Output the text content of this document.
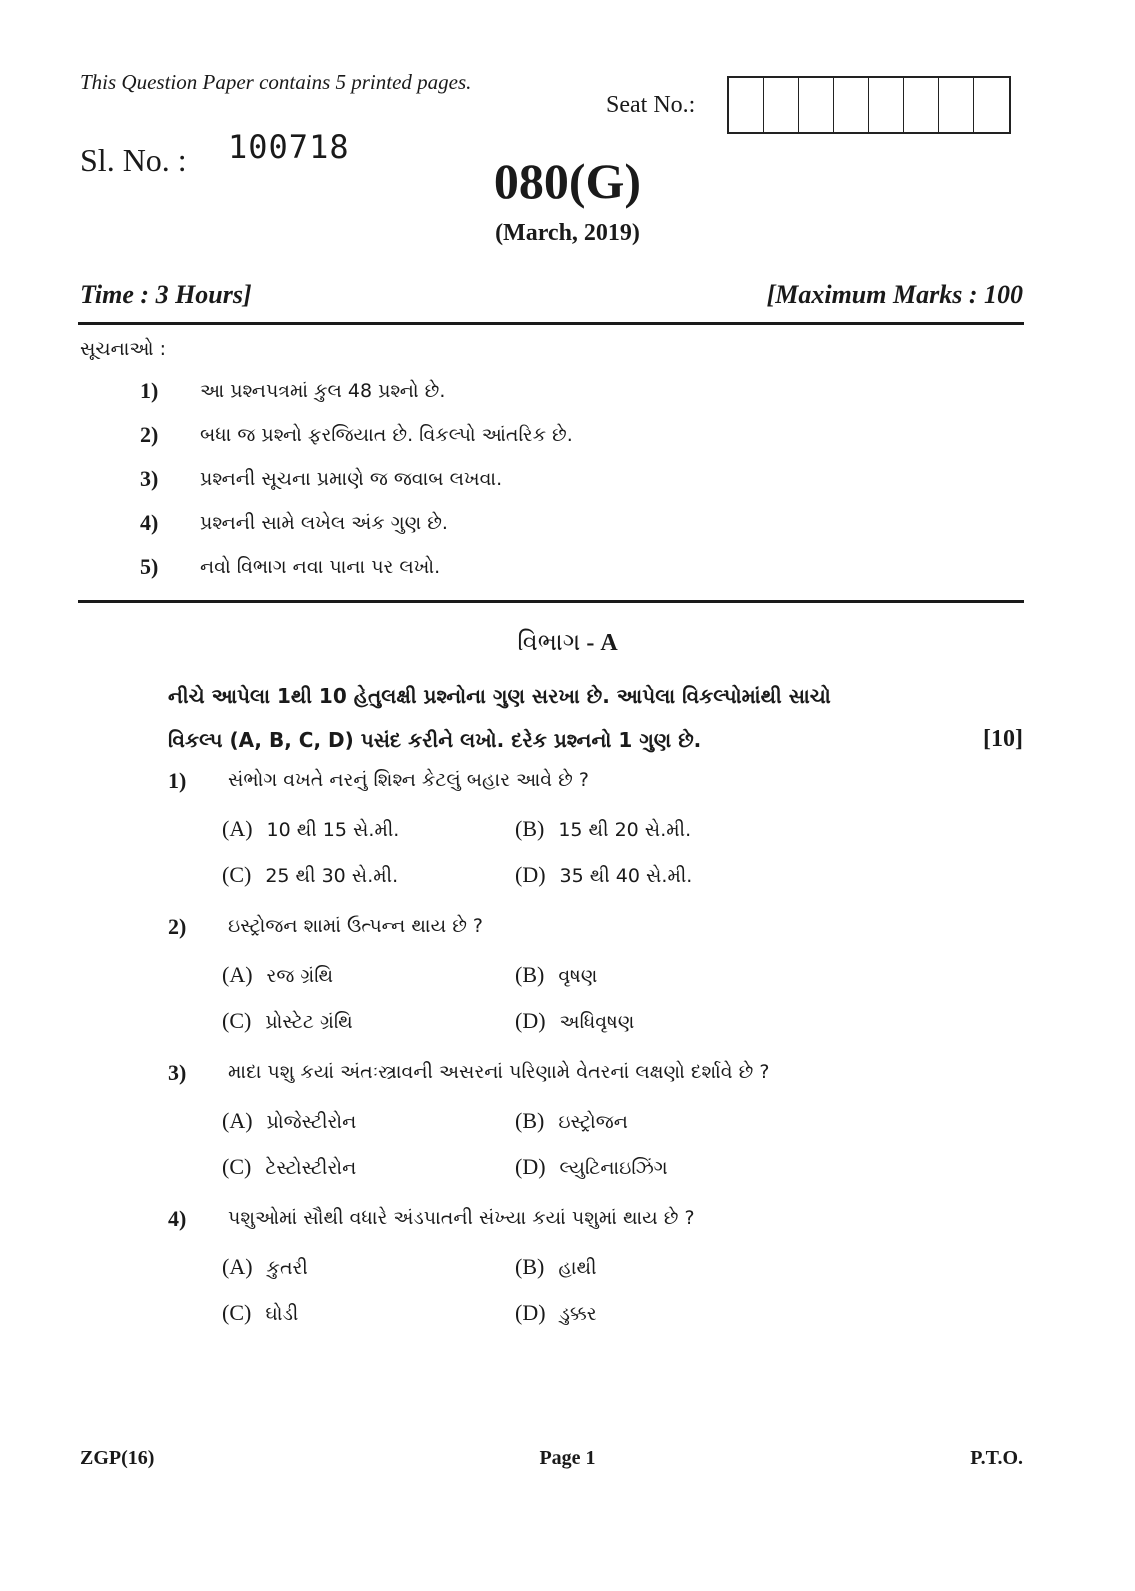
This Question Paper contains 5 printed pages.
Seat No.:
Sl. No. : 100718
080(G)
(March, 2019)
Time : 3 Hours]	[Maximum Marks : 100
સૂચનાઓ :
1) આ પ્રશ્નપત્રમાં કુલ 48 પ્રશ્નો છે.
2) બધા જ પ્રશ્નો ફરજિયાત છે. વિકલ્પો આંતરિક છે.
3) પ્રશ્નની સૂચના પ્રમાણે જ જવાબ લખવા.
4) પ્રશ્નની સામે લખેલ અંક ગુણ છે.
5) નવો વિભાગ નવા પાના પર લખો.
વિભાગ - A
નીચે આપેલા 1થી 10 હેતુલક્ષી પ્રશ્નોના ગુણ સરખા છે. આપેલા વિકલ્પોમાંથી સાચો
વિકલ્પ (A, B, C, D) પસંદ કરીને લખો. દરેક પ્રશ્નનો 1 ગુણ છે.	[10]
1) સંભોગ વખતે નરનું શિશ્ન કેટલું બહાર આવે છે ?
(A) 10 થી 15 સે.મી.	(B) 15 થી 20 સે.મી.
(C) 25 થી 30 સે.મી.	(D) 35 થી 40 સે.મી.
2) ઇસ્ટ્રોજન શામાં ઉત્પન્ન થાય છે ?
(A) રજ ગ્રંથિ	(B) વૃષણ
(C) પ્રોસ્ટેટ ગ્રંથિ	(D) અધિવૃષણ
3) માદા પશુ કયાં અંતઃસ્ત્રાવની અસરનાં પરિણામે વેતરનાં લક્ષણો દર્શાવે છે ?
(A) પ્રોજેસ્ટીરોન	(B) ઇસ્ટ્રોજન
(C) ટેસ્ટોસ્ટીરોન	(D) લ્યુટિનાઇઝિંગ
4) પશુઓમાં સૌથી વધારે અંડપાતની સંખ્યા કયાં પશુમાં થાય છે ?
(A) કુતરી	(B) હાથી
(C) ઘોડી	(D) ડુક્કર
ZGP(16)	Page 1	P.T.O.
